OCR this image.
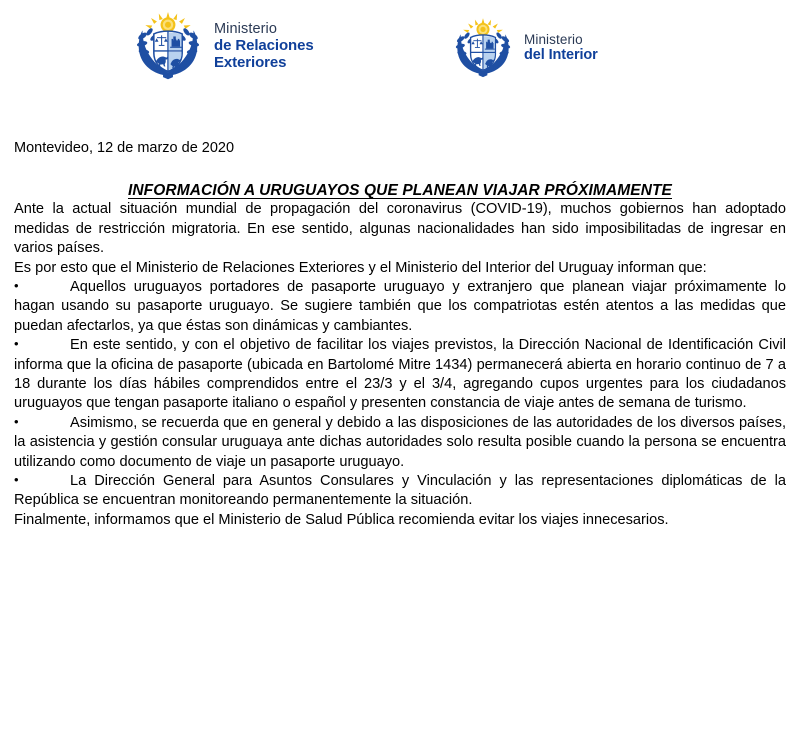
Ministerio
de Relaciones
Exteriores
Ministerio
del Interior
Montevideo, 12 de marzo de 2020
INFORMACIÓN A URUGUAYOS QUE PLANEAN VIAJAR PRÓXIMAMENTE

Ante la actual situación mundial de propagación del coronavirus (COVID-19), muchos gobiernos han adoptado medidas de restricción migratoria. En ese sentido, algunas nacionalidades han sido imposibilitadas de ingresar en varios países.

Es por esto que el Ministerio de Relaciones Exteriores y el Ministerio del Interior del Uruguay informan que:

•Aquellos uruguayos portadores de pasaporte uruguayo y extranjero que planean viajar próximamente lo hagan usando su pasaporte uruguayo. Se sugiere también que los compatriotas estén atentos a las medidas que puedan afectarlos, ya que éstas son dinámicas y cambiantes.

•En este sentido, y con el objetivo de facilitar los viajes previstos, la Dirección Nacional de Identificación Civil informa que la oficina de pasaporte (ubicada en Bartolomé Mitre 1434) permanecerá abierta en horario continuo de 7 a 18 durante los días hábiles comprendidos entre el 23/3 y el 3/4, agregando cupos urgentes para los ciudadanos uruguayos que tengan pasaporte italiano o español y presenten constancia de viaje antes de semana de turismo.

•Asimismo, se recuerda que en general y debido a las disposiciones de las autoridades de los diversos países, la asistencia y gestión consular uruguaya ante dichas autoridades solo resulta posible cuando la persona se encuentra utilizando como documento de viaje un pasaporte uruguayo.

•La Dirección General para Asuntos Consulares y Vinculación y las representaciones diplomáticas de la República se encuentran monitoreando permanentemente la situación.

Finalmente, informamos que el Ministerio de Salud Pública recomienda evitar los viajes innecesarios.
